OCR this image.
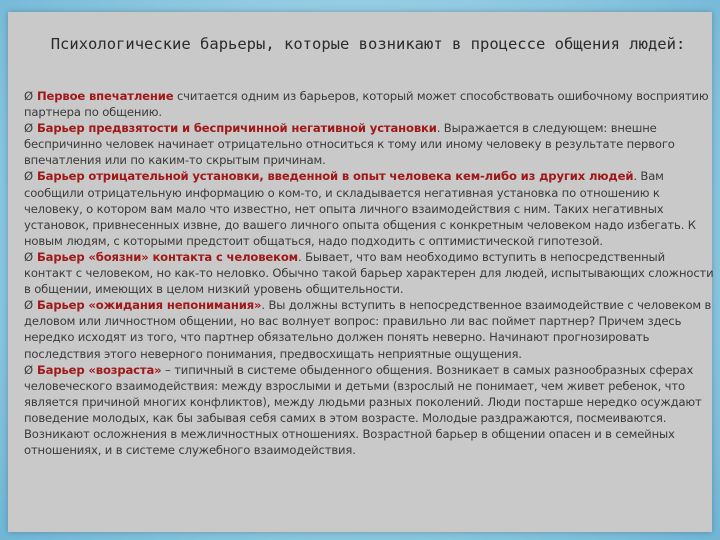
Психологические барьеры, которые возникают в процессе общения людей:

Ø Первое впечатление считается одним из барьеров, который может способствовать ошибочному восприятию партнера по общению.

Ø Барьер предвзятости и беспричинной негативной установки. Выражается в следующем: внешне беспричинно человек начинает отрицательно относиться к тому или иному человеку в результате первого впечатления или по каким-то скрытым причинам.

Ø Барьер отрицательной установки, введенной в опыт человека кем-либо из других людей. Вам сообщили отрицательную информацию о ком-то, и складывается негативная установка по отношению к человеку, о котором вам мало что известно, нет опыта личного взаимодействия с ним. Таких негативных установок, привнесенных извне, до вашего личного опыта общения с конкретным человеком надо избегать. К новым людям, с которыми предстоит общаться, надо подходить с оптимистической гипотезой.

Ø Барьер «боязни» контакта с человеком. Бывает, что вам необходимо вступить в непосредственный контакт с человеком, но как-то неловко. Обычно такой барьер характерен для людей, испытывающих сложности в общении, имеющих в целом низкий уровень общительности.

Ø Барьер «ожидания непонимания». Вы должны вступить в непосредственное взаимодействие с человеком в деловом или личностном общении, но вас волнует вопрос: правильно ли вас поймет партнер? Причем здесь нередко исходят из того, что партнер обязательно должен понять неверно. Начинают прогнозировать последствия этого неверного понимания, предвосхищать неприятные ощущения.

Ø Барьер «возраста» – типичный в системе обыденного общения. Возникает в самых разнообразных сферах человеческого взаимодействия: между взрослыми и детьми (взрослый не понимает, чем живет ребенок, что является причиной многих конфликтов), между людьми разных поколений. Люди постарше нередко осуждают поведение молодых, как бы забывая себя самих в этом возрасте. Молодые раздражаются, посмеиваются. Возникают осложнения в межличностных отношениях. Возрастной барьер в общении опасен и в семейных отношениях, и в системе служебного взаимодействия.
